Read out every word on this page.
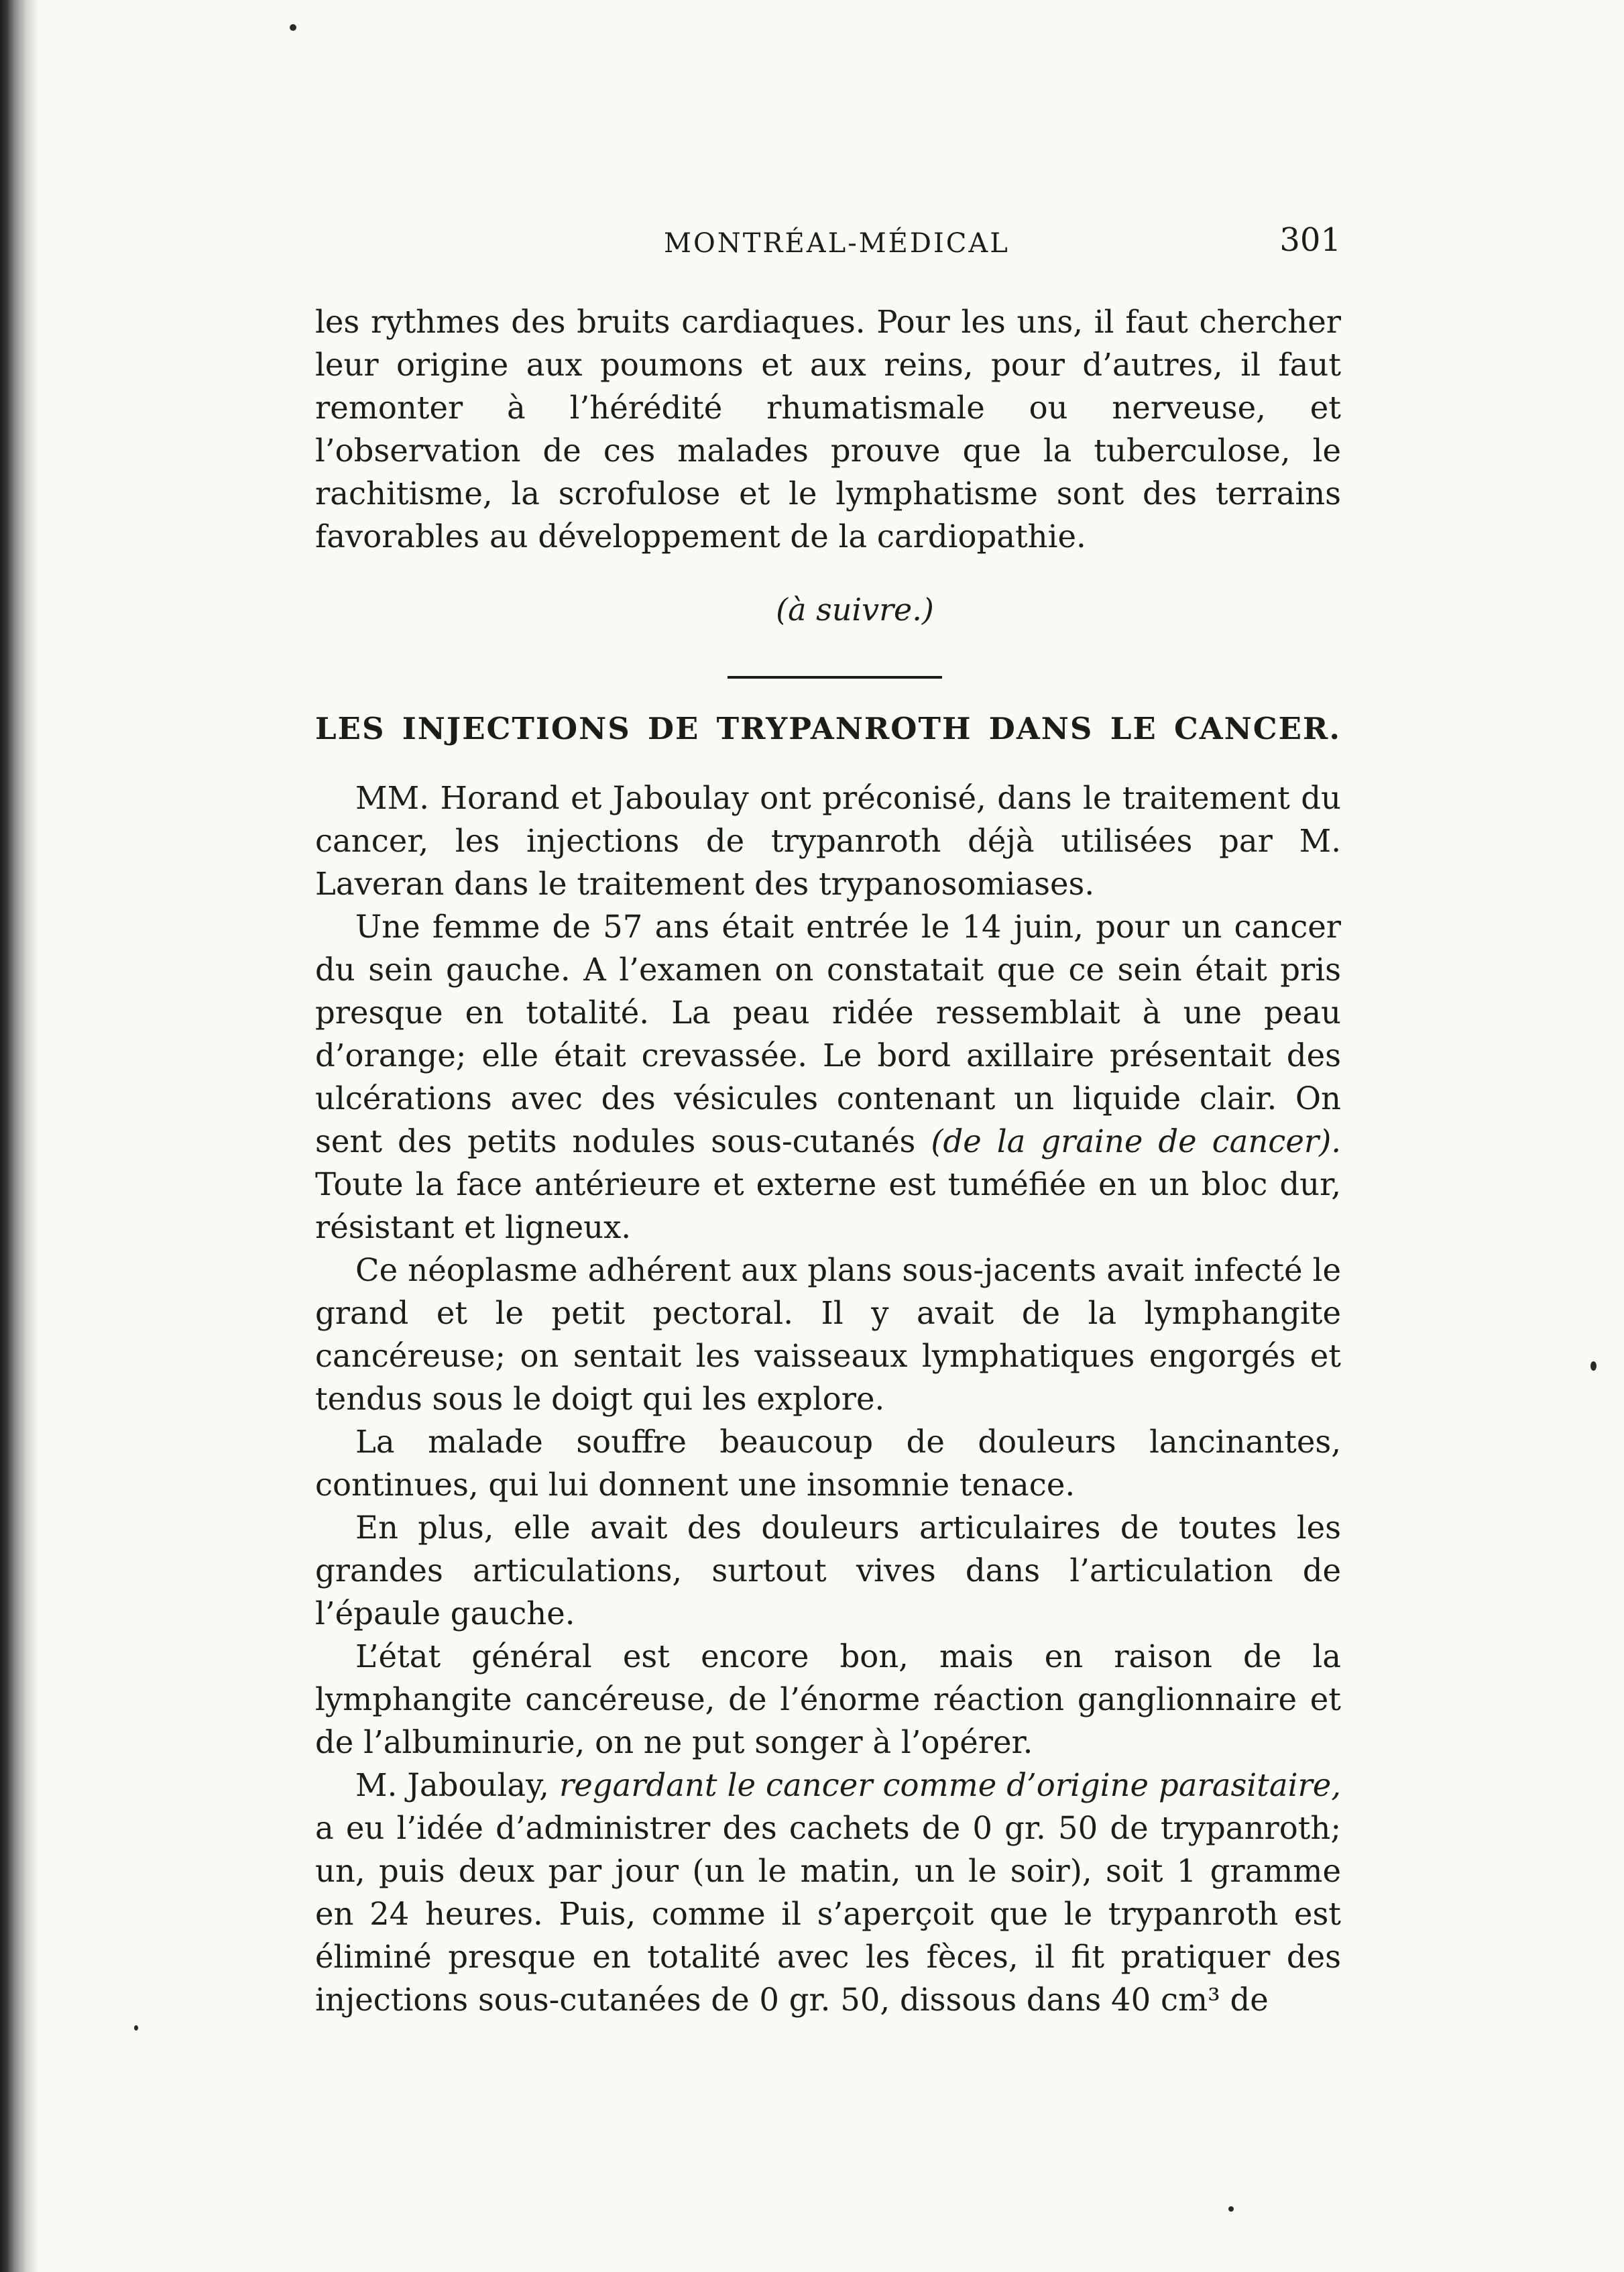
MONTRÉAL-MÉDICAL	301

les rythmes des bruits cardiaques. Pour les uns, il faut chercher leur origine aux poumons et aux reins, pour d’autres, il faut remonter à l’hérédité rhumatismale ou nerveuse, et l’observation de ces malades prouve que la tuberculose, le rachitisme, la scrofulose et le lymphatisme sont des terrains favorables au développement de la cardiopathie.

(à suivre.)
LES INJECTIONS DE TRYPANROTH DANS LE CANCER.

MM. Horand et Jaboulay ont préconisé, dans le traitement du cancer, les injections de trypanroth déjà utilisées par M. Laveran dans le traitement des trypanosomiases.

Une femme de 57 ans était entrée le 14 juin, pour un cancer du sein gauche. A l’examen on constatait que ce sein était pris presque en totalité. La peau ridée ressemblait à une peau d’orange; elle était crevassée. Le bord axillaire présentait des ulcérations avec des vésicules contenant un liquide clair. On sent des petits nodules sous-cutanés (de la graine de cancer). Toute la face antérieure et externe est tuméfiée en un bloc dur, résistant et ligneux.

Ce néoplasme adhérent aux plans sous-jacents avait infecté le grand et le petit pectoral. Il y avait de la lymphangite cancéreuse; on sentait les vaisseaux lymphatiques engorgés et tendus sous le doigt qui les explore.

La malade souffre beaucoup de douleurs lancinantes, continues, qui lui donnent une insomnie tenace.

En plus, elle avait des douleurs articulaires de toutes les grandes articulations, surtout vives dans l’articulation de l’épaule gauche.

L’état général est encore bon, mais en raison de la lymphangite cancéreuse, de l’énorme réaction ganglionnaire et de l’albuminurie, on ne put songer à l’opérer.

M. Jaboulay, regardant le cancer comme d’origine parasitaire, a eu l’idée d’administrer des cachets de 0 gr. 50 de trypanroth; un, puis deux par jour (un le matin, un le soir), soit 1 gramme en 24 heures. Puis, comme il s’aperçoit que le trypanroth est éliminé presque en totalité avec les fèces, il fit pratiquer des injections sous-cutanées de 0 gr. 50, dissous dans 40 cm³ de
